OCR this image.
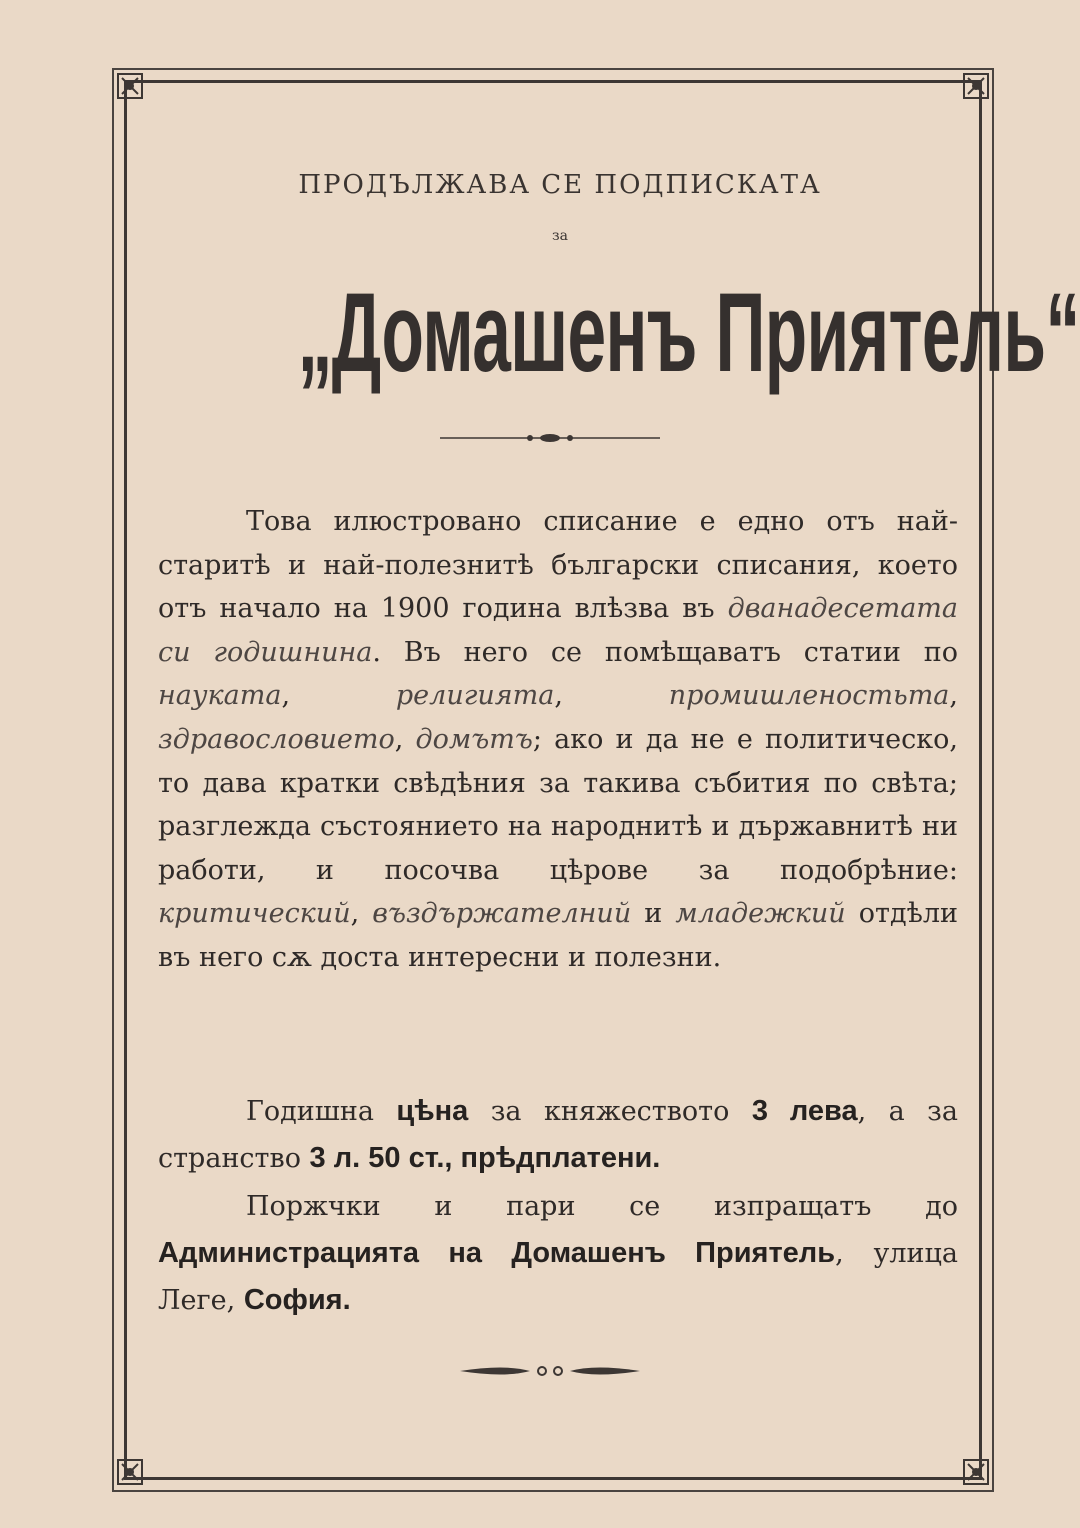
ПРОДЪЛЖАВА СЕ ПОДПИСКАТА
за
„Домашенъ Приятель“
Това илюстровано списание е едно отъ най-старитѣ и най-полезнитѣ български списания, което отъ начало на 1900 година влѣзва въ дванадесетата си годишнина. Въ него се помѣщаватъ статии по науката, религията, промишленостьта, здравословието, домътъ; ако и да не е политическо, то дава кратки свѣдѣния за такива събития по свѣта; разглежда състоянието на народнитѣ и държавнитѣ ни работи, и посочва цѣрове за подобрѣние: критический, въздържателний и младежкий отдѣли въ него сѫ доста интересни и полезни.
Годишна цѣна за княжеството 3 лева, а за странство 3 л. 50 ст., прѣдплатени.
Поржчки и пари се изпращатъ до Администрацията на Домашенъ Приятель, улица Леге, София.
